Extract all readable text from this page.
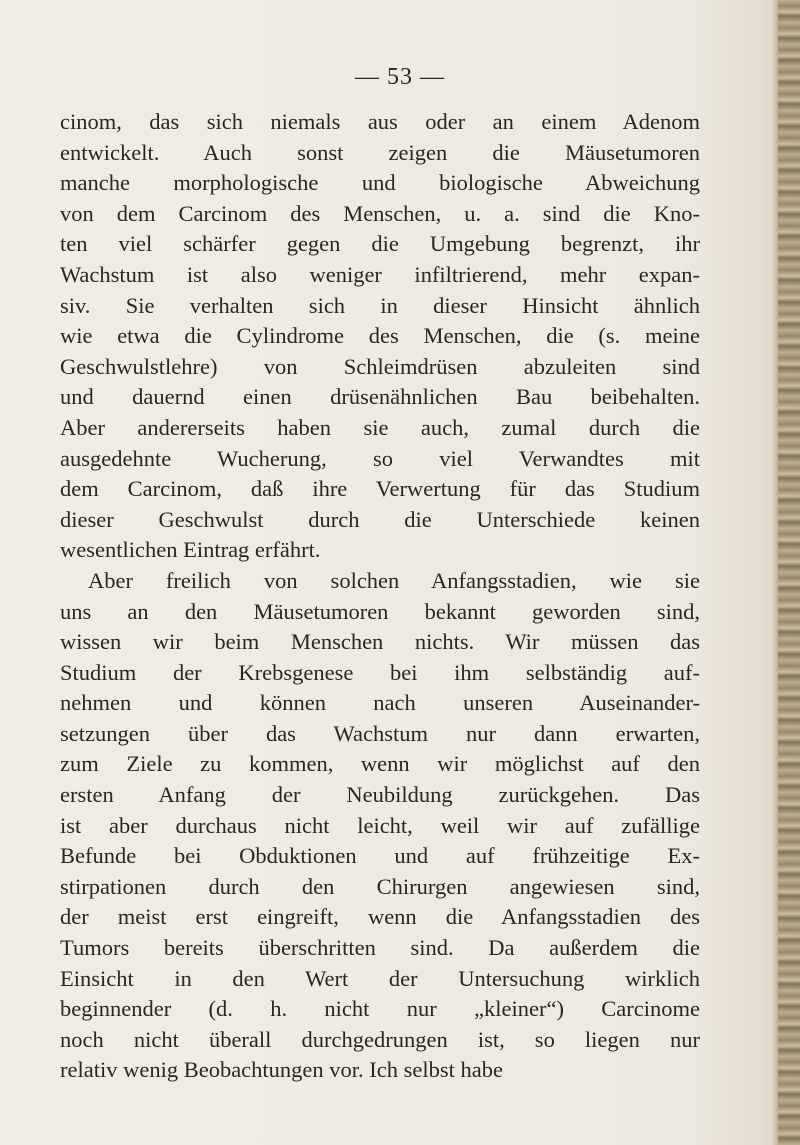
— 53 —
cinom, das sich niemals aus oder an einem Adenom
entwickelt. Auch sonst zeigen die Mäusetumoren
manche morphologische und biologische Abweichung
von dem Carcinom des Menschen, u. a. sind die Kno-
ten viel schärfer gegen die Umgebung begrenzt, ihr
Wachstum ist also weniger infiltrierend, mehr expan-
siv. Sie verhalten sich in dieser Hinsicht ähnlich
wie etwa die Cylindrome des Menschen, die (s. meine
Geschwulstlehre) von Schleimdrüsen abzuleiten sind
und dauernd einen drüsenähnlichen Bau beibehalten.
Aber andererseits haben sie auch, zumal durch die
ausgedehnte Wucherung, so viel Verwandtes mit
dem Carcinom, daß ihre Verwertung für das Studium
dieser Geschwulst durch die Unterschiede keinen
wesentlichen Eintrag erfährt.
Aber freilich von solchen Anfangsstadien, wie sie
uns an den Mäusetumoren bekannt geworden sind,
wissen wir beim Menschen nichts. Wir müssen das
Studium der Krebsgenese bei ihm selbständig auf-
nehmen und können nach unseren Auseinander-
setzungen über das Wachstum nur dann erwarten,
zum Ziele zu kommen, wenn wir möglichst auf den
ersten Anfang der Neubildung zurückgehen. Das
ist aber durchaus nicht leicht, weil wir auf zufällige
Befunde bei Obduktionen und auf frühzeitige Ex-
stirpationen durch den Chirurgen angewiesen sind,
der meist erst eingreift, wenn die Anfangsstadien des
Tumors bereits überschritten sind. Da außerdem die
Einsicht in den Wert der Untersuchung wirklich
beginnender (d. h. nicht nur „kleiner“) Carcinome
noch nicht überall durchgedrungen ist, so liegen nur
relativ wenig Beobachtungen vor. Ich selbst habe
